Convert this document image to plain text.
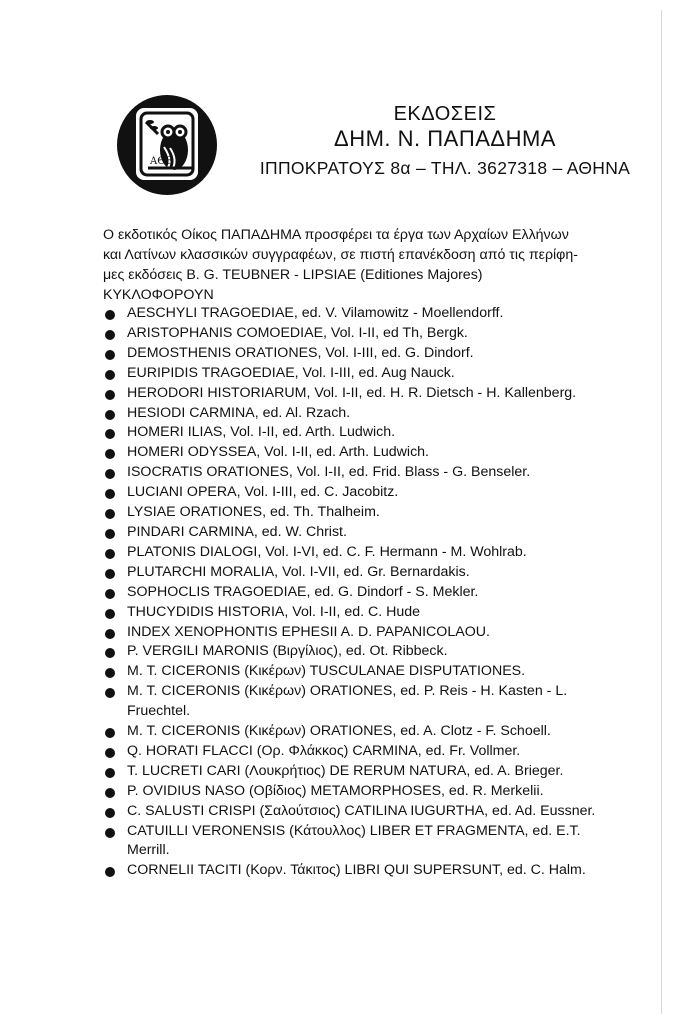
ΑΘΕ
ΕΚΔΟΣΕΙΣ
ΔΗΜ. Ν. ΠΑΠΑΔΗΜΑ
ΙΠΠΟΚΡΑΤΟΥΣ 8α – ΤΗΛ. 3627318 – ΑΘΗΝΑ
Ο εκδοτικός Οίκος ΠΑΠΑΔΗΜΑ προσφέρει τα έργα των Αρχαίων Ελλήνων
και Λατίνων κλασσικών συγγραφέων, σε πιστή επανέκδοση από τις περίφη-
μες εκδόσεις B. G. TEUBNER - LIPSIAE (Editiones Majores)
ΚΥΚΛΟΦΟΡΟΥΝ
AESCHYLI TRAGOEDIAE, ed. V. Vilamowitz - Moellendorff.
ARISTOPHANIS COMOEDIAE, Vol. I-II, ed Th, Bergk.
DEMOSTHENIS ORATIONES, Vol. I-III, ed. G. Dindorf.
EURIPIDIS TRAGOEDIAE, Vol. I-III, ed. Aug Nauck.
HERODORI HISTORIARUM, Vol. I-II, ed. H. R. Dietsch - H. Kallenberg.
HESIODI CARMINA, ed. Al. Rzach.
HOMERI ILIAS, Vol. I-II, ed. Arth. Ludwich.
HOMERI ODYSSEA, Vol. I-II, ed. Arth. Ludwich.
ISOCRATIS ORATIONES, Vol. I-II, ed. Frid. Blass - G. Benseler.
LUCIANI OPERA, Vol. I-III, ed. C. Jacobitz.
LYSIAE ORATIONES, ed. Th. Thalheim.
PINDARI CARMINA, ed. W. Christ.
PLATONIS DIALOGI, Vol. I-VI, ed. C. F. Hermann - M. Wohlrab.
PLUTARCHI MORALIA, Vol. I-VII, ed. Gr. Bernardakis.
SOPHOCLIS TRAGOEDIAE, ed. G. Dindorf - S. Mekler.
THUCYDIDIS HISTORIA, Vol. I-II, ed. C. Hude
INDEX XENOPHONTIS EPHESII A. D. PAPANICOLAOU.
P. VERGILI MARONIS (Βιργίλιος), ed. Ot. Ribbeck.
M. T. CICERONIS (Κικέρων) TUSCULANAE DISPUTATIONES.
M. T. CICERONIS (Κικέρων) ORATIONES, ed. P. Reis - H. Kasten - L.
Fruechtel.
M. T. CICERONIS (Κικέρων) ORATIONES, ed. A. Clotz - F. Schoell.
Q. HORATI FLACCI (Ορ. Φλάκκος) CARMINA, ed. Fr. Vollmer.
T. LUCRETI CARI (Λουκρήτιος) DE RERUM NATURA, ed. A. Brieger.
P. OVIDIUS NASO (Οβίδιος) METAMORPHOSES, ed. R. Merkelii.
C. SALUSTI CRISPI (Σαλούτσιος) CATILINA IUGURTHA, ed. Ad. Eussner.
CATUILLI VERONENSIS (Κάτουλλος) LIBER ET FRAGMENTA, ed. E.T.
Merrill.
CORNELII TACITI (Κορν. Τάκιτος) LIBRI QUI SUPERSUNT, ed. C. Halm.
